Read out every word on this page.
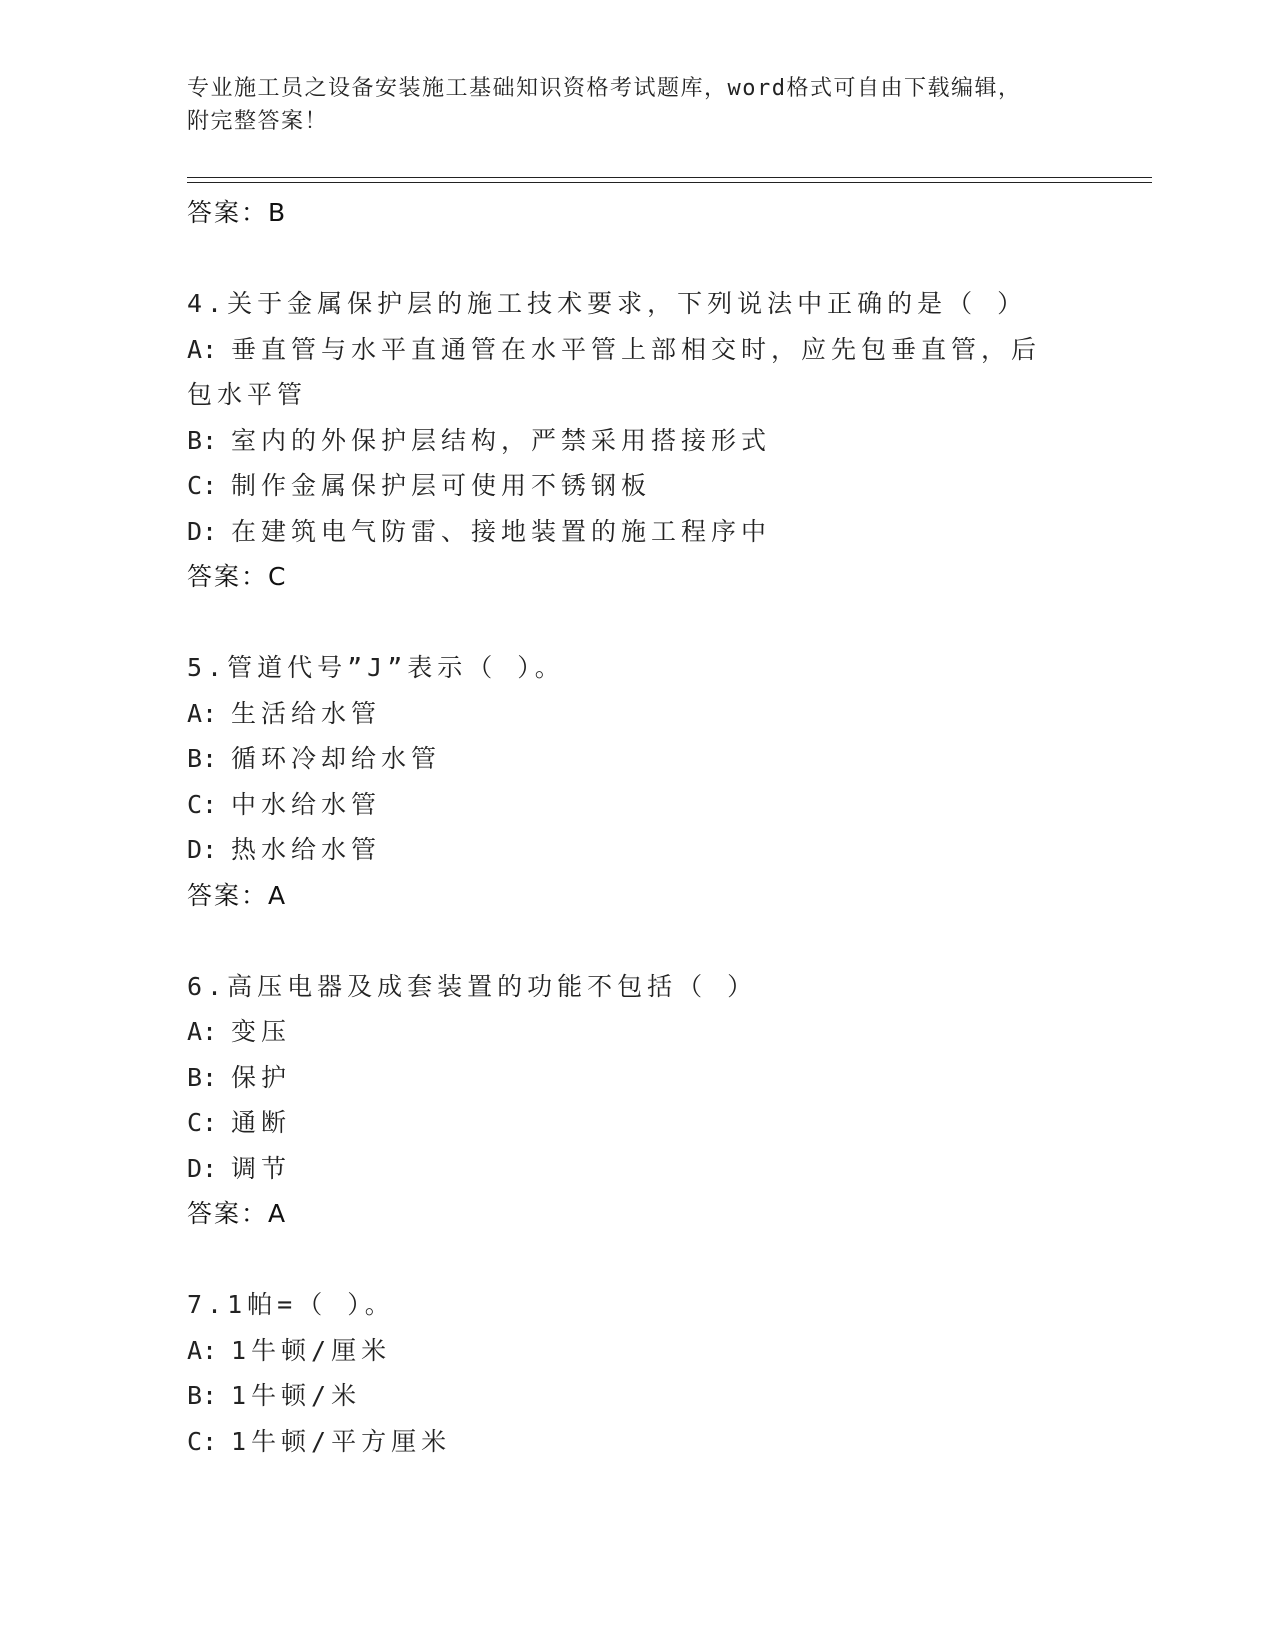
专业施工员之设备安装施工基础知识资格考试题库，word格式可自由下载编辑，
附完整答案！
答案：B
4.关于金属保护层的施工技术要求，下列说法中正确的是（ ）
A: 垂直管与水平直通管在水平管上部相交时，应先包垂直管，后包水平管
B: 室内的外保护层结构，严禁采用搭接形式
C: 制作金属保护层可使用不锈钢板
D: 在建筑电气防雷、接地装置的施工程序中
答案：C
5.管道代号”J”表示（ ）。
A: 生活给水管
B: 循环冷却给水管
C: 中水给水管
D: 热水给水管
答案：A
6.高压电器及成套装置的功能不包括（ ）
A: 变压
B: 保护
C: 通断
D: 调节
答案：A
7.1帕=（ ）。
A: 1牛顿/厘米
B: 1牛顿/米
C: 1牛顿/平方厘米
